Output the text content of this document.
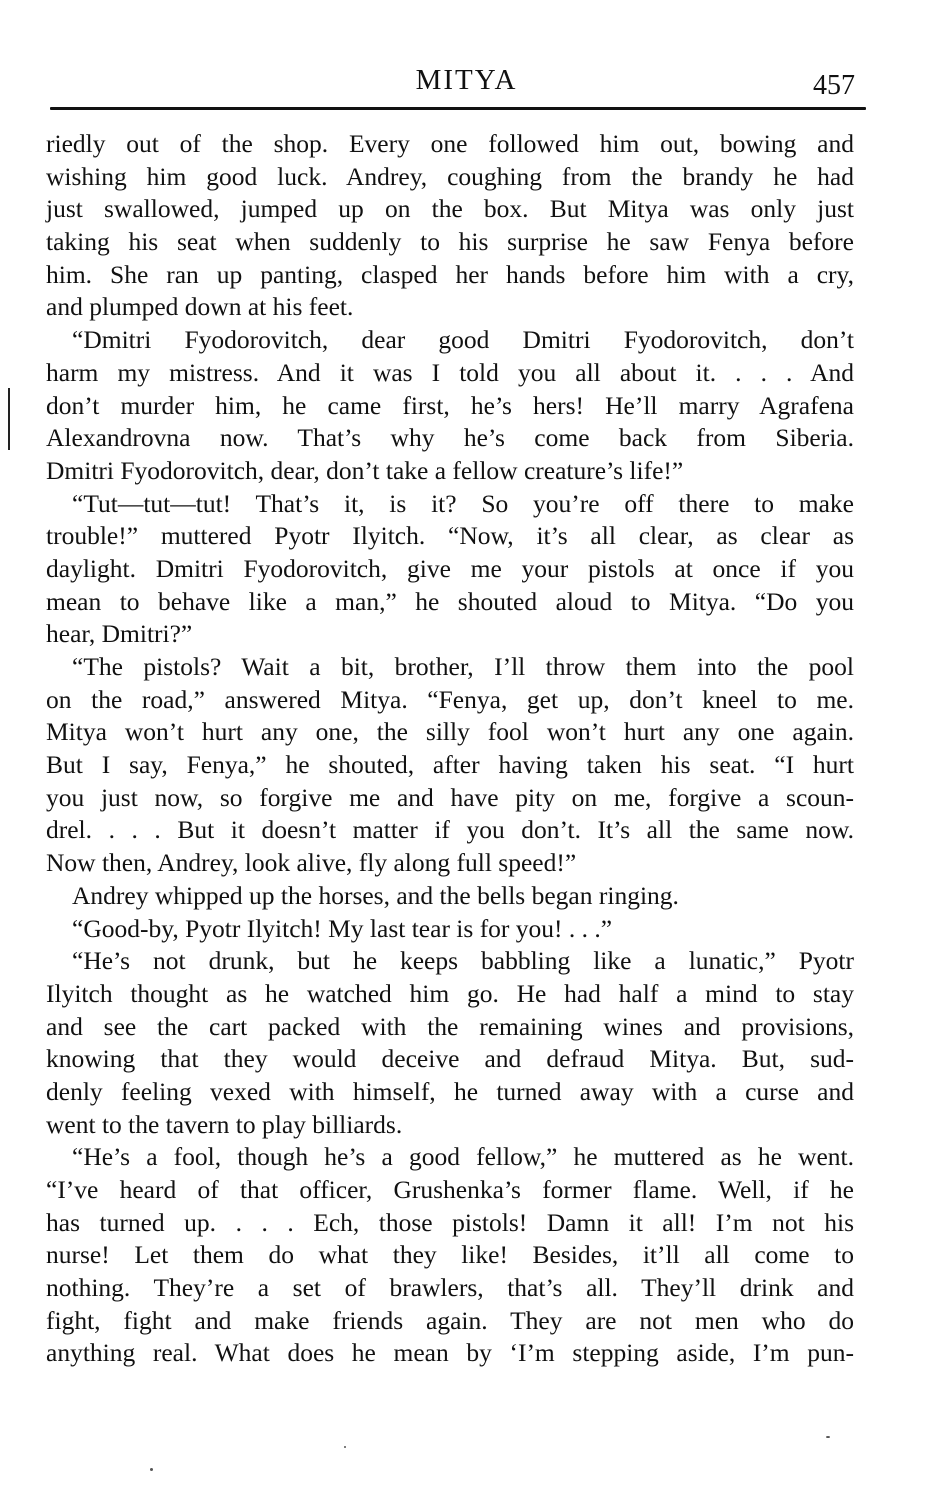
MITYA	457
riedly out of the shop. Every one followed him out, bowing and
wishing him good luck. Andrey, coughing from the brandy he had
just swallowed, jumped up on the box. But Mitya was only just
taking his seat when suddenly to his surprise he saw Fenya before
him. She ran up panting, clasped her hands before him with a cry,
and plumped down at his feet.
“Dmitri Fyodorovitch, dear good Dmitri Fyodorovitch, don’t
harm my mistress. And it was I told you all about it. . . . And
don’t murder him, he came first, he’s hers! He’ll marry Agrafena
Alexandrovna now. That’s why he’s come back from Siberia.
Dmitri Fyodorovitch, dear, don’t take a fellow creature’s life!”
“Tut—tut—tut! That’s it, is it? So you’re off there to make
trouble!” muttered Pyotr Ilyitch. “Now, it’s all clear, as clear as
daylight. Dmitri Fyodorovitch, give me your pistols at once if you
mean to behave like a man,” he shouted aloud to Mitya. “Do you
hear, Dmitri?”
“The pistols? Wait a bit, brother, I’ll throw them into the pool
on the road,” answered Mitya. “Fenya, get up, don’t kneel to me.
Mitya won’t hurt any one, the silly fool won’t hurt any one again.
But I say, Fenya,” he shouted, after having taken his seat. “I hurt
you just now, so forgive me and have pity on me, forgive a scoun-
drel. . . . But it doesn’t matter if you don’t. It’s all the same now.
Now then, Andrey, look alive, fly along full speed!”
Andrey whipped up the horses, and the bells began ringing.
“Good-by, Pyotr Ilyitch! My last tear is for you! . . .”
“He’s not drunk, but he keeps babbling like a lunatic,” Pyotr
Ilyitch thought as he watched him go. He had half a mind to stay
and see the cart packed with the remaining wines and provisions,
knowing that they would deceive and defraud Mitya. But, sud-
denly feeling vexed with himself, he turned away with a curse and
went to the tavern to play billiards.
“He’s a fool, though he’s a good fellow,” he muttered as he went.
“I’ve heard of that officer, Grushenka’s former flame. Well, if he
has turned up. . . . Ech, those pistols! Damn it all! I’m not his
nurse! Let them do what they like! Besides, it’ll all come to
nothing. They’re a set of brawlers, that’s all. They’ll drink and
fight, fight and make friends again. They are not men who do
anything real. What does he mean by ‘I’m stepping aside, I’m pun-
